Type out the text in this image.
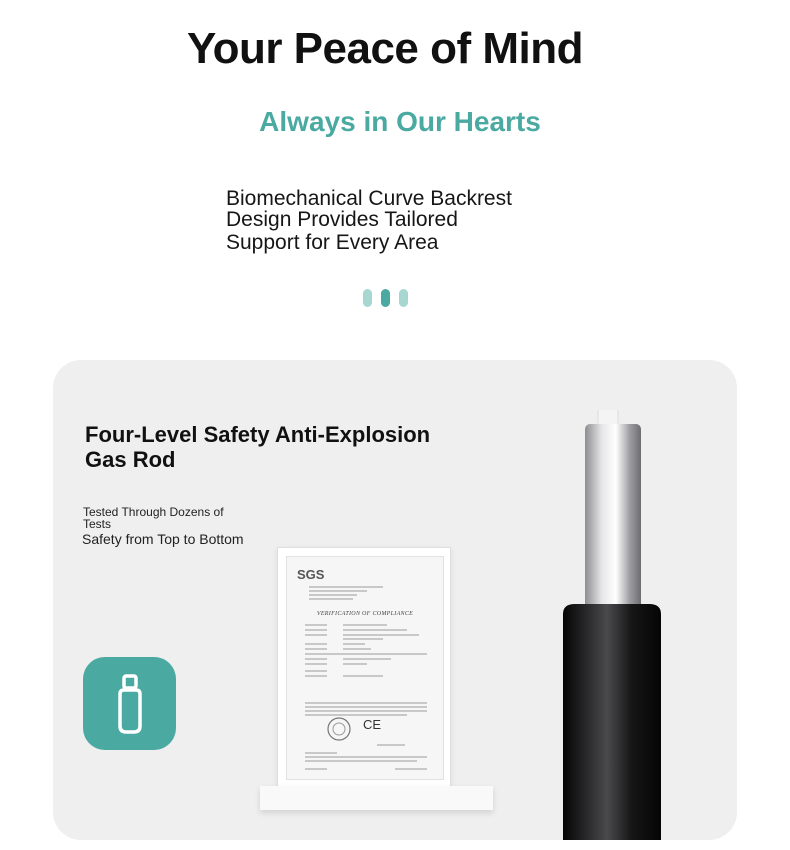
Your Peace of Mind
Always in Our Hearts
Biomechanical Curve Backrest
Design Provides Tailored
Support for Every Area
Four-Level Safety Anti-Explosion
Gas Rod
Tested Through Dozens of Tests
Safety from Top to Bottom
SGS
VERIFICATION OF COMPLIANCE
CE
